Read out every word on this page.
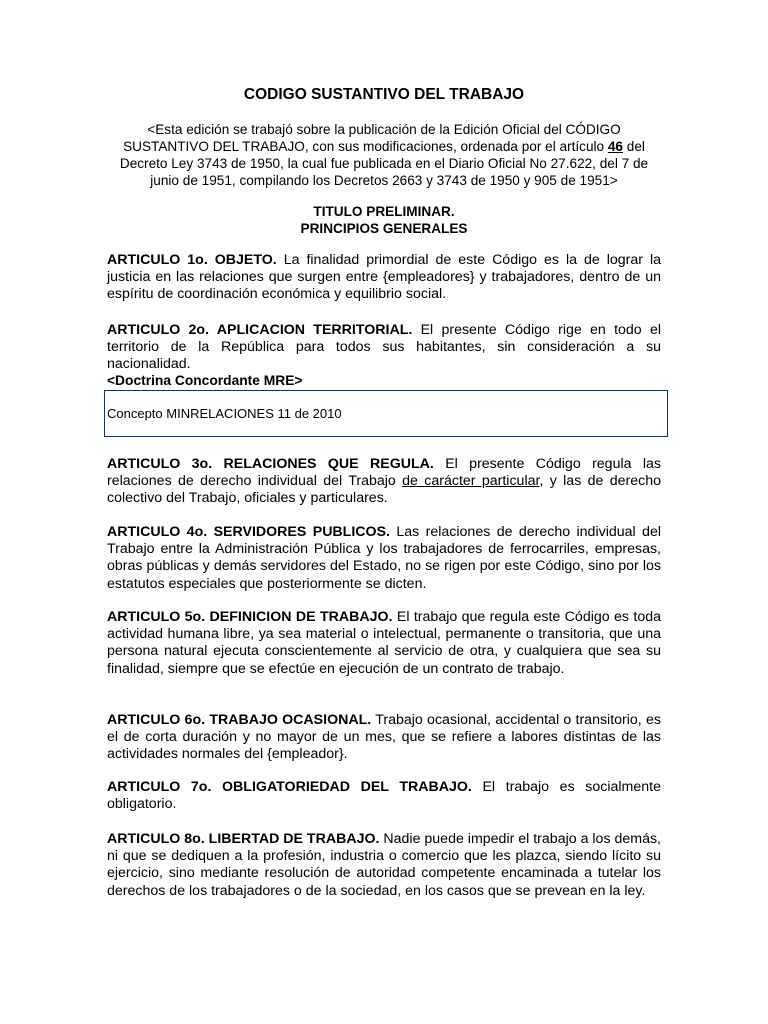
CODIGO SUSTANTIVO DEL TRABAJO
<Esta edición se trabajó sobre la publicación de la Edición Oficial del CÓDIGO SUSTANTIVO DEL TRABAJO, con sus modificaciones, ordenada por el artículo 46 del Decreto Ley 3743 de 1950, la cual fue publicada en el Diario Oficial No 27.622, del 7 de junio de 1951, compilando los Decretos 2663 y 3743 de 1950 y 905 de 1951>
TITULO PRELIMINAR.
PRINCIPIOS GENERALES
ARTICULO 1o. OBJETO. La finalidad primordial de este Código es la de lograr la justicia en las relaciones que surgen entre {empleadores} y trabajadores, dentro de un espíritu de coordinación económica y equilibrio social.
ARTICULO 2o. APLICACION TERRITORIAL. El presente Código rige en todo el territorio de la República para todos sus habitantes, sin consideración a su nacionalidad.
<Doctrina Concordante MRE>
ARTICULO 3o. RELACIONES QUE REGULA. El presente Código regula las relaciones de derecho individual del Trabajo de carácter particular, y las de derecho colectivo del Trabajo, oficiales y particulares.
ARTICULO 4o. SERVIDORES PUBLICOS. Las relaciones de derecho individual del Trabajo entre la Administración Pública y los trabajadores de ferrocarriles, empresas, obras públicas y demás servidores del Estado, no se rigen por este Código, sino por los estatutos especiales que posteriormente se dicten.
ARTICULO 5o. DEFINICION DE TRABAJO. El trabajo que regula este Código es toda actividad humana libre, ya sea material o intelectual, permanente o transitoria, que una persona natural ejecuta conscientemente al servicio de otra, y cualquiera que sea su finalidad, siempre que se efectúe en ejecución de un contrato de trabajo.
ARTICULO 6o. TRABAJO OCASIONAL. Trabajo ocasional, accidental o transitorio, es el de corta duración y no mayor de un mes, que se refiere a labores distintas de las actividades normales del {empleador}.
ARTICULO 7o. OBLIGATORIEDAD DEL TRABAJO. El trabajo es socialmente obligatorio.
ARTICULO 8o. LIBERTAD DE TRABAJO. Nadie puede impedir el trabajo a los demás, ni que se dediquen a la profesión, industria o comercio que les plazca, siendo lícito su ejercicio, sino mediante resolución de autoridad competente encaminada a tutelar los derechos de los trabajadores o de la sociedad, en los casos que se prevean en la ley.
Concepto MINRELACIONES 11 de 2010
